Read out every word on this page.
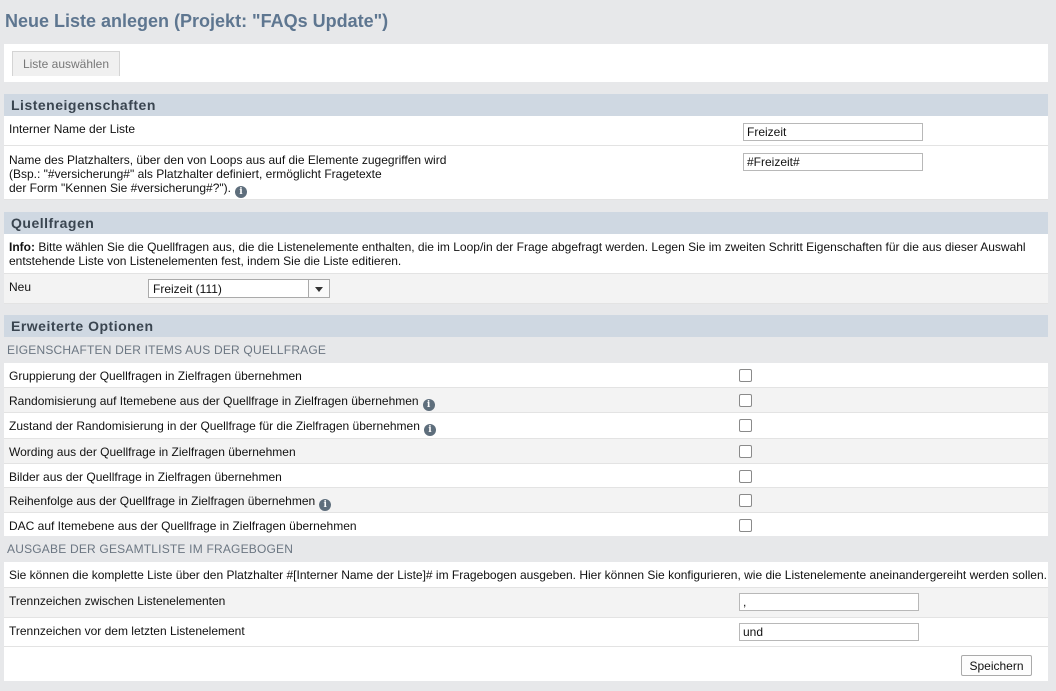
Neue Liste anlegen (Projekt: "FAQs Update")
Liste auswählen
Listeneigenschaften
Interner Name der Liste
Freizeit
Name des Platzhalters, über den von Loops aus auf die Elemente zugegriffen wird
(Bsp.: "#versicherung#" als Platzhalter definiert, ermöglicht Fragetexte
der Form "Kennen Sie #versicherung#?"). i
#Freizeit#
Quellfragen
Info: Bitte wählen Sie die Quellfragen aus, die die Listenelemente enthalten, die im Loop/in der Frage abgefragt werden. Legen Sie im zweiten Schritt Eigenschaften für die aus dieser Auswahl entstehende Liste von Listenelementen fest, indem Sie die Liste editieren.
Neu	Freizeit (111)
Erweiterte Optionen
EIGENSCHAFTEN DER ITEMS AUS DER QUELLFRAGE
Gruppierung der Quellfragen in Zielfragen übernehmen
Randomisierung auf Itemebene aus der Quellfrage in Zielfragen übernehmen i
Zustand der Randomisierung in der Quellfrage für die Zielfragen übernehmen i
Wording aus der Quellfrage in Zielfragen übernehmen
Bilder aus der Quellfrage in Zielfragen übernehmen
Reihenfolge aus der Quellfrage in Zielfragen übernehmen i
DAC auf Itemebene aus der Quellfrage in Zielfragen übernehmen
AUSGABE DER GESAMTLISTE IM FRAGEBOGEN
Sie können die komplette Liste über den Platzhalter #[Interner Name der Liste]# im Fragebogen ausgeben. Hier können Sie konfigurieren, wie die Listenelemente aneinandergereiht werden sollen.
Trennzeichen zwischen Listenelementen
,
Trennzeichen vor dem letzten Listenelement
und
Speichern
